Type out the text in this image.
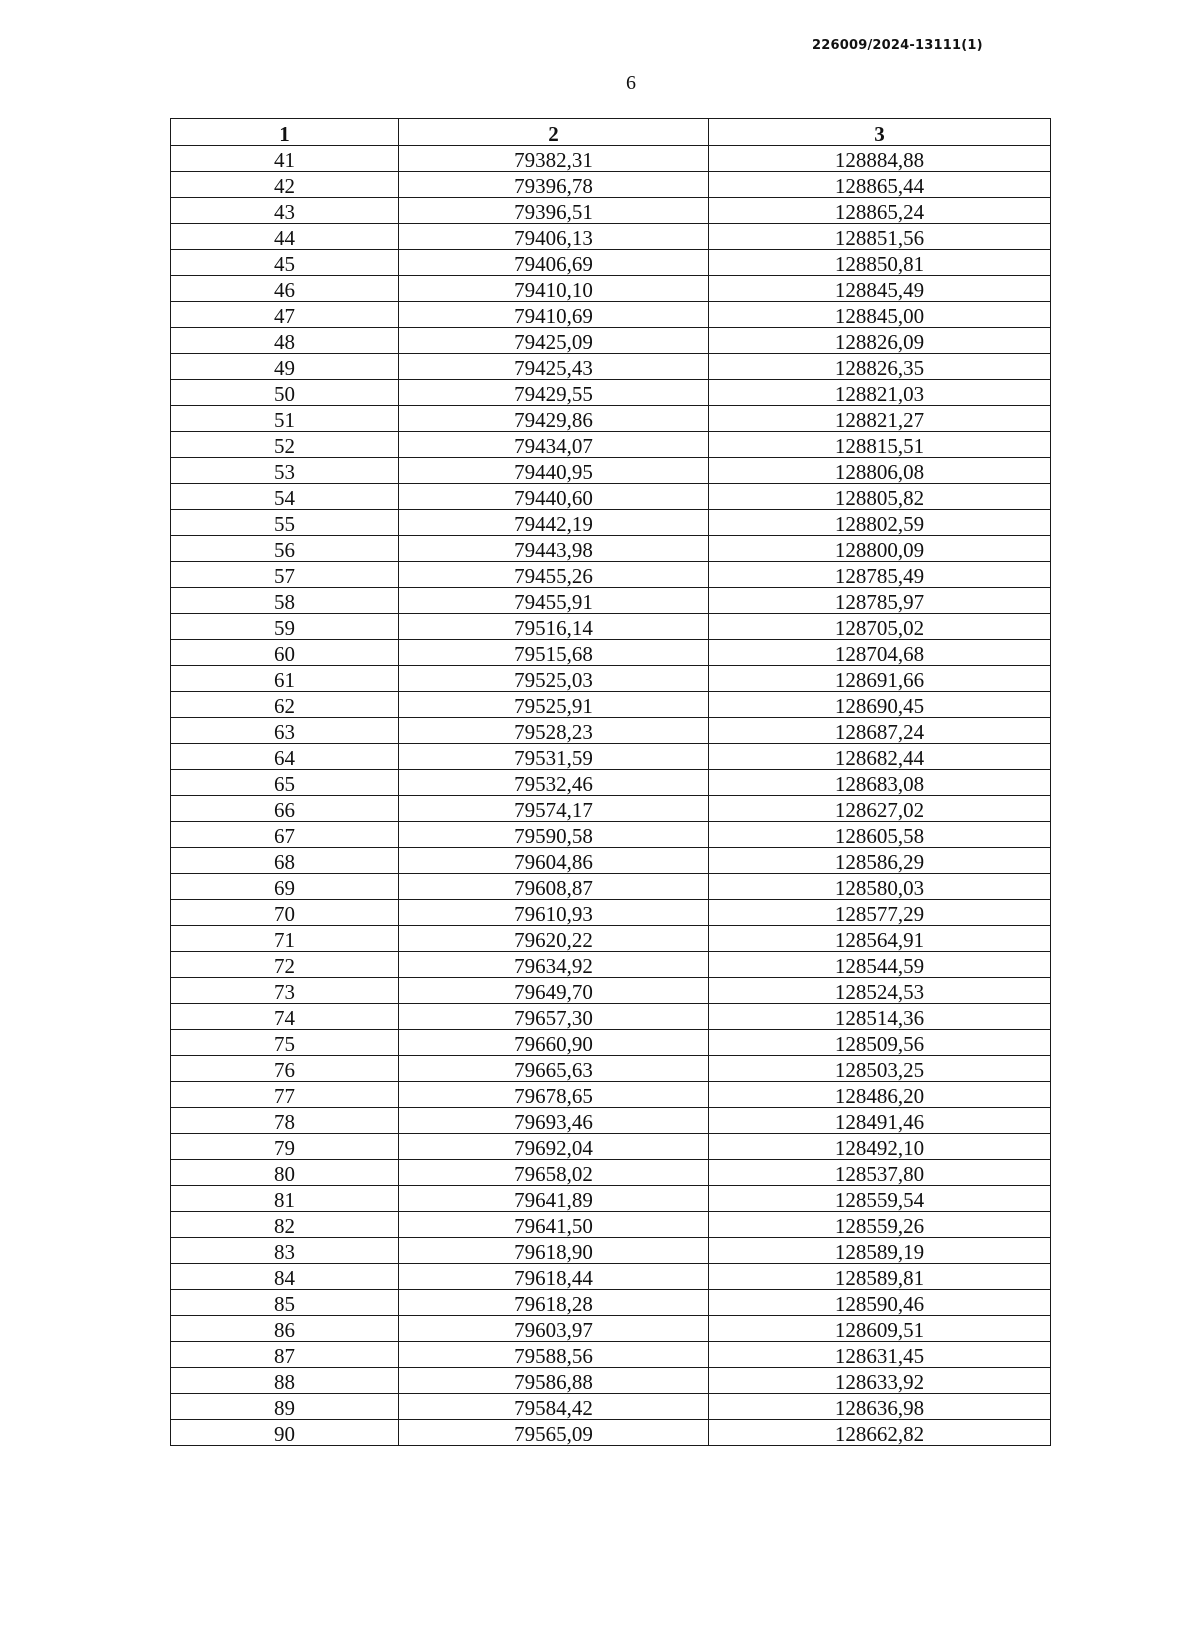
226009/2024-13111(1)
6
1	2	3
41	79382,31	128884,88
42	79396,78	128865,44
43	79396,51	128865,24
44	79406,13	128851,56
45	79406,69	128850,81
46	79410,10	128845,49
47	79410,69	128845,00
48	79425,09	128826,09
49	79425,43	128826,35
50	79429,55	128821,03
51	79429,86	128821,27
52	79434,07	128815,51
53	79440,95	128806,08
54	79440,60	128805,82
55	79442,19	128802,59
56	79443,98	128800,09
57	79455,26	128785,49
58	79455,91	128785,97
59	79516,14	128705,02
60	79515,68	128704,68
61	79525,03	128691,66
62	79525,91	128690,45
63	79528,23	128687,24
64	79531,59	128682,44
65	79532,46	128683,08
66	79574,17	128627,02
67	79590,58	128605,58
68	79604,86	128586,29
69	79608,87	128580,03
70	79610,93	128577,29
71	79620,22	128564,91
72	79634,92	128544,59
73	79649,70	128524,53
74	79657,30	128514,36
75	79660,90	128509,56
76	79665,63	128503,25
77	79678,65	128486,20
78	79693,46	128491,46
79	79692,04	128492,10
80	79658,02	128537,80
81	79641,89	128559,54
82	79641,50	128559,26
83	79618,90	128589,19
84	79618,44	128589,81
85	79618,28	128590,46
86	79603,97	128609,51
87	79588,56	128631,45
88	79586,88	128633,92
89	79584,42	128636,98
90	79565,09	128662,82
